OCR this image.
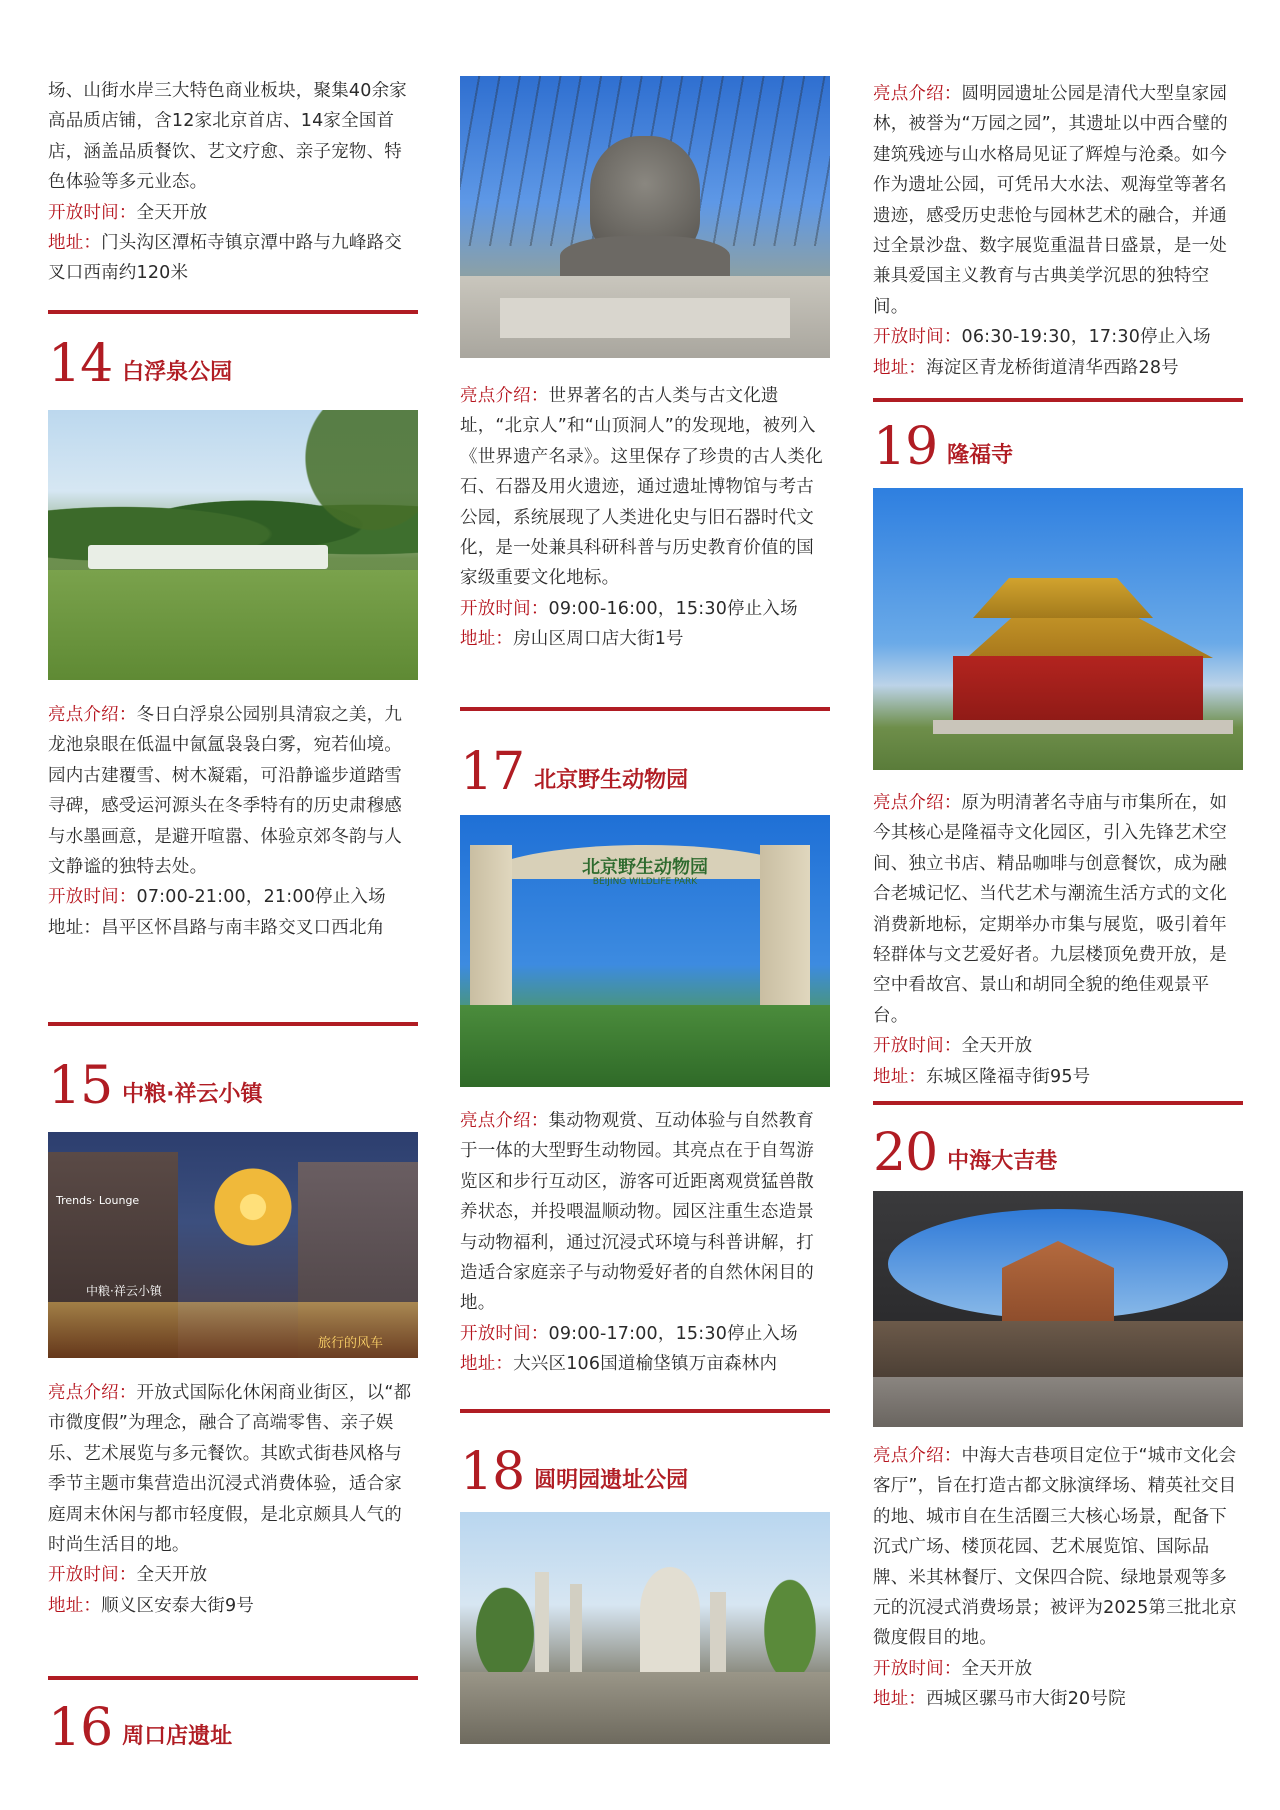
场、山街水岸三大特色商业板块，聚集40余家高品质店铺，含12家北京首店、14家全国首店，涵盖品质餐饮、艺文疗愈、亲子宠物、特色体验等多元业态。

开放时间：全天开放

地址：门头沟区潭柘寺镇京潭中路与九峰路交叉口西南约120米

14 白浮泉公园

亮点介绍：冬日白浮泉公园别具清寂之美，九龙池泉眼在低温中氤氲袅袅白雾，宛若仙境。园内古建覆雪、树木凝霜，可沿静谧步道踏雪寻碑，感受运河源头在冬季特有的历史肃穆感与水墨画意，是避开喧嚣、体验京郊冬韵与人文静谧的独特去处。

开放时间：07:00-21:00，21:00停止入场

地址：昌平区怀昌路与南丰路交叉口西北角

15 中粮·祥云小镇
Trends· Lounge
中粮·祥云小镇
旅行的风车

亮点介绍：开放式国际化休闲商业街区，以“都市微度假”为理念，融合了高端零售、亲子娱乐、艺术展览与多元餐饮。其欧式街巷风格与季节主题市集营造出沉浸式消费体验，适合家庭周末休闲与都市轻度假，是北京颇具人气的时尚生活目的地。

开放时间：全天开放

地址：顺义区安泰大街9号

16 周口店遗址

亮点介绍：世界著名的古人类与古文化遗址，“北京人”和“山顶洞人”的发现地，被列入《世界遗产名录》。这里保存了珍贵的古人类化石、石器及用火遗迹，通过遗址博物馆与考古公园，系统展现了人类进化史与旧石器时代文化，是一处兼具科研科普与历史教育价值的国家级重要文化地标。

开放时间：09:00-16:00，15:30停止入场

地址：房山区周口店大街1号

17 北京野生动物园
北京野生动物园
BEIJING WILDLIFE PARK

亮点介绍：集动物观赏、互动体验与自然教育于一体的大型野生动物园。其亮点在于自驾游览区和步行互动区，游客可近距离观赏猛兽散养状态，并投喂温顺动物。园区注重生态造景与动物福利，通过沉浸式环境与科普讲解，打造适合家庭亲子与动物爱好者的自然休闲目的地。

开放时间：09:00-17:00，15:30停止入场

地址：大兴区106国道榆垡镇万亩森林内

18 圆明园遗址公园

亮点介绍：圆明园遗址公园是清代大型皇家园林，被誉为“万园之园”，其遗址以中西合璧的建筑残迹与山水格局见证了辉煌与沧桑。如今作为遗址公园，可凭吊大水法、观海堂等著名遗迹，感受历史悲怆与园林艺术的融合，并通过全景沙盘、数字展览重温昔日盛景，是一处兼具爱国主义教育与古典美学沉思的独特空间。

开放时间：06:30-19:30，17:30停止入场

地址：海淀区青龙桥街道清华西路28号

19 隆福寺

亮点介绍：原为明清著名寺庙与市集所在，如今其核心是隆福寺文化园区，引入先锋艺术空间、独立书店、精品咖啡与创意餐饮，成为融合老城记忆、当代艺术与潮流生活方式的文化消费新地标，定期举办市集与展览，吸引着年轻群体与文艺爱好者。九层楼顶免费开放，是空中看故宫、景山和胡同全貌的绝佳观景平台。

开放时间：全天开放

地址：东城区隆福寺街95号

20 中海大吉巷

亮点介绍：中海大吉巷项目定位于“城市文化会客厅”，旨在打造古都文脉演绎场、精英社交目的地、城市自在生活圈三大核心场景，配备下沉式广场、楼顶花园、艺术展览馆、国际品牌、米其林餐厅、文保四合院、绿地景观等多元的沉浸式消费场景；被评为2025第三批北京微度假目的地。

开放时间：全天开放

地址：西城区骡马市大街20号院
